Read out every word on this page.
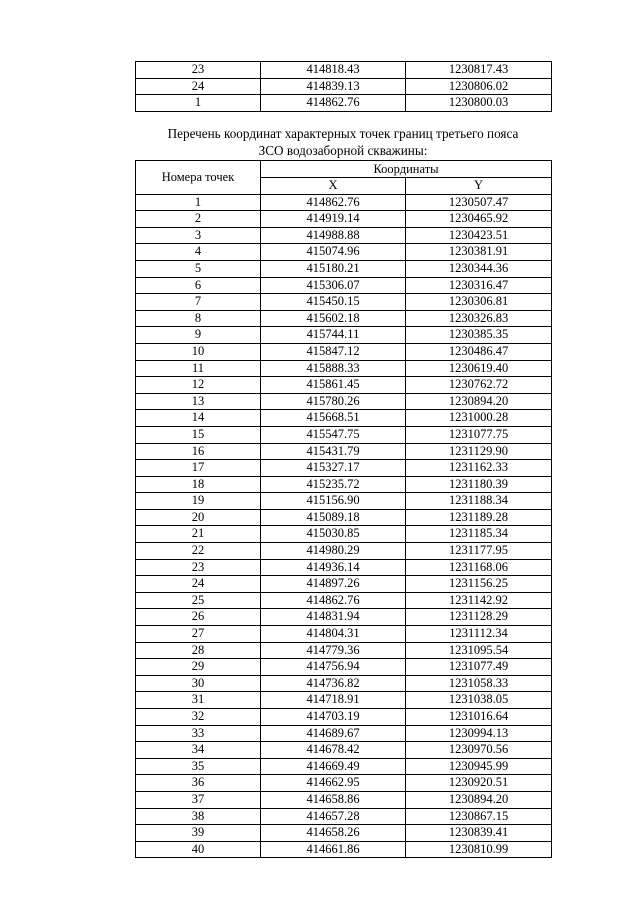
23	414818.43	1230817.43
24	414839.13	1230806.02
1	414862.76	1230800.03
Перечень координат характерных точек границ третьего пояса
ЗСО водозаборной скважины:
Номера точек	Координаты	
	X	Y
1	414862.76	1230507.47
2	414919.14	1230465.92
3	414988.88	1230423.51
4	415074.96	1230381.91
5	415180.21	1230344.36
6	415306.07	1230316.47
7	415450.15	1230306.81
8	415602.18	1230326.83
9	415744.11	1230385.35
10	415847.12	1230486.47
11	415888.33	1230619.40
12	415861.45	1230762.72
13	415780.26	1230894.20
14	415668.51	1231000.28
15	415547.75	1231077.75
16	415431.79	1231129.90
17	415327.17	1231162.33
18	415235.72	1231180.39
19	415156.90	1231188.34
20	415089.18	1231189.28
21	415030.85	1231185.34
22	414980.29	1231177.95
23	414936.14	1231168.06
24	414897.26	1231156.25
25	414862.76	1231142.92
26	414831.94	1231128.29
27	414804.31	1231112.34
28	414779.36	1231095.54
29	414756.94	1231077.49
30	414736.82	1231058.33
31	414718.91	1231038.05
32	414703.19	1231016.64
33	414689.67	1230994.13
34	414678.42	1230970.56
35	414669.49	1230945.99
36	414662.95	1230920.51
37	414658.86	1230894.20
38	414657.28	1230867.15
39	414658.26	1230839.41
40	414661.86	1230810.99
